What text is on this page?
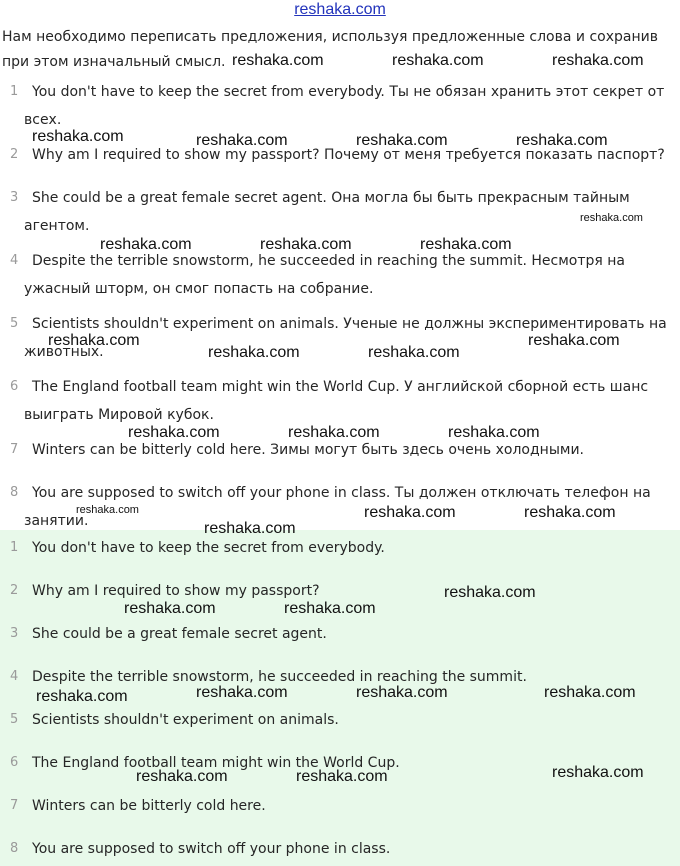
reshaka.com
Нам необходимо переписать предложения, используя предложенные слова и сохранив при этом изначальный смысл.
1 You don't have to keep the secret from everybody. Ты не обязан хранить этот секрет от всех.
2 Why am I required to show my passport? Почему от меня требуется показать паспорт?
3 She could be a great female secret agent. Она могла бы быть прекрасным тайным агентом.
4 Despite the terrible snowstorm, he succeeded in reaching the summit. Несмотря на ужасный шторм, он смог попасть на собрание.
5 Scientists shouldn't experiment on animals. Ученые не должны экспериментировать на животных.
6 The England football team might win the World Cup. У английской сборной есть шанс выиграть Мировой кубок.
7 Winters can be bitterly cold here. Зимы могут быть здесь очень холодными.
8 You are supposed to switch off your phone in class. Ты должен отключать телефон на занятии.
1 You don't have to keep the secret from everybody.
2 Why am I required to show my passport?
3 She could be a great female secret agent.
4 Despite the terrible snowstorm, he succeeded in reaching the summit.
5 Scientists shouldn't experiment on animals.
6 The England football team might win the World Cup.
7 Winters can be bitterly cold here.
8 You are supposed to switch off your phone in class.
reshaka.com	reshaka.com	reshaka.com
reshaka.com	reshaka.com	reshaka.com	reshaka.com
reshaka.com
reshaka.com	reshaka.com	reshaka.com
reshaka.com	reshaka.com
reshaka.com	reshaka.com
reshaka.com	reshaka.com	reshaka.com
reshaka.com	reshaka.com	reshaka.com
reshaka.com
reshaka.com
reshaka.com	reshaka.com
reshaka.com	reshaka.com	reshaka.com
reshaka.com
reshaka.com
reshaka.com	reshaka.com
